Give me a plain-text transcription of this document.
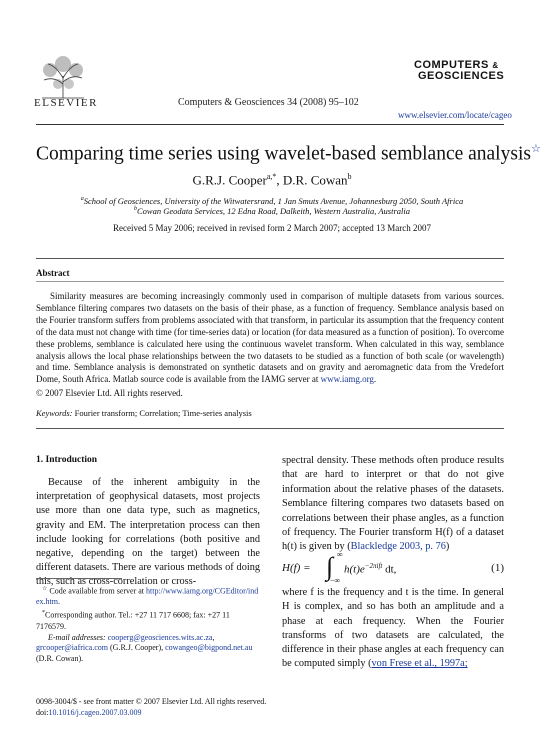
ELSEVIER	Computers & Geosciences 34 (2008) 95–102
COMPUTERS &
GEOSCIENCES
www.elsevier.com/locate/cageo
Comparing time series using wavelet-based semblance analysis☆
G.R.J. Cooper$^{a,*}$, D.R. Cowan$^b$
$^a$School of Geosciences, University of the Witwatersrand, 1 Jan Smuts Avenue, Johannesburg 2050, South Africa
$^b$Cowan Geodata Services, 12 Edna Road, Dalkeith, Western Australia, Australia
Received 5 May 2006; received in revised form 2 March 2007; accepted 13 March 2007
Abstract
Similarity measures are becoming increasingly commonly used in comparison of multiple datasets from various sources. Semblance filtering compares two datasets on the basis of their phase, as a function of frequency. Semblance analysis based on the Fourier transform suffers from problems associated with that transform, in particular its assumption that the frequency content of the data must not change with time (for time-series data) or location (for data measured as a function of position). To overcome these problems, semblance is calculated here using the continuous wavelet transform. When calculated in this way, semblance analysis allows the local phase relationships between the two datasets to be studied as a function of both scale (or wavelength) and time. Semblance analysis is demonstrated on synthetic datasets and on gravity and aeromagnetic data from the Vredefort Dome, South Africa. Matlab source code is available from the IAMG server at www.iamg.org.
© 2007 Elsevier Ltd. All rights reserved.
Keywords: Fourier transform; Correlation; Time-series analysis
1. Introduction
Because of the inherent ambiguity in the interpretation of geophysical datasets, most projects use more than one data type, such as magnetics, gravity and EM. The interpretation process can then include looking for correlations (both positive and negative, depending on the target) between the different datasets. There are various methods of doing this, such as cross-correlation or cross-
☆ Code available from server at http://www.iamg.org/CGEditor/index.htm.
*Corresponding author. Tel.: +27 11 717 6608; fax: +27 11 7176579.
E-mail addresses: cooperg@geosciences.wits.ac.za, grcooper@iafrica.com (G.R.J. Cooper), cowangeo@bigpond.net.au (D.R. Cowan).
spectral density. These methods often produce results that are hard to interpret or that do not give information about the relative phases of the datasets. Semblance filtering compares two datasets based on correlations between their phase angles, as a function of frequency. The Fourier transform H(f) of a dataset h(t) is given by (Blackledge 2003, p. 76)
H(f) = ∫ ∞
−∞
$h(t)e^{-2\pi ift}$ dt,	(1)
where f is the frequency and t is the time. In general H is complex, and so has both an amplitude and a phase at each frequency. When the Fourier transforms of two datasets are calculated, the difference in their phase angles at each frequency can be computed simply (von Frese et al., 1997a;
0098-3004/$ - see front matter © 2007 Elsevier Ltd. All rights reserved.
doi:10.1016/j.cageo.2007.03.009
